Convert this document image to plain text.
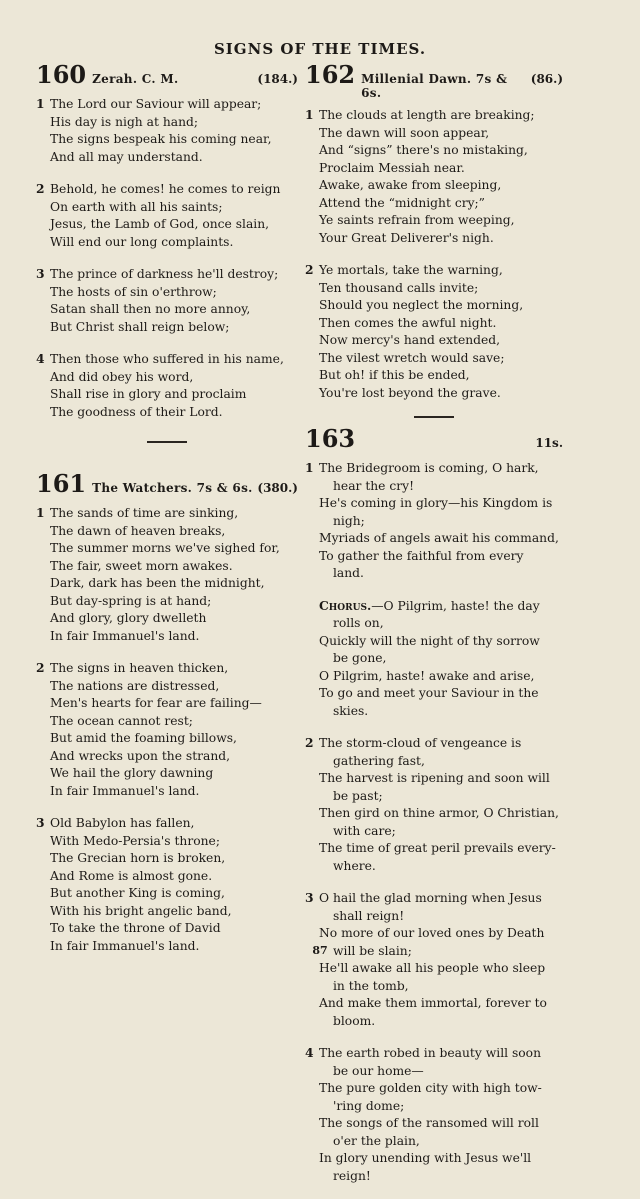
SIGNS OF THE TIMES.
160 Zerah. C. M.	(184.)
1 The Lord our Saviour will appear;
His day is nigh at hand;
The signs bespeak his coming near,
And all may understand.
2 Behold, he comes! he comes to reign
On earth with all his saints;
Jesus, the Lamb of God, once slain,
Will end our long complaints.
3 The prince of darkness he'll destroy;
The hosts of sin o'erthrow;
Satan shall then no more annoy,
But Christ shall reign below;
4 Then those who suffered in his name,
And did obey his word,
Shall rise in glory and proclaim
The goodness of their Lord.
161 The Watchers. 7s & 6s. (380.)
1 The sands of time are sinking,
The dawn of heaven breaks,
The summer morns we've sighed for,
The fair, sweet morn awakes.
Dark, dark has been the midnight,
But day-spring is at hand;
And glory, glory dwelleth
In fair Immanuel's land.
2 The signs in heaven thicken,
The nations are distressed,
Men's hearts for fear are failing—
The ocean cannot rest;
But amid the foaming billows,
And wrecks upon the strand,
We hail the glory dawning
In fair Immanuel's land.
3 Old Babylon has fallen,
With Medo-Persia's throne;
The Grecian horn is broken,
And Rome is almost gone.
But another King is coming,
With his bright angelic band,
To take the throne of David
In fair Immanuel's land.
162 Millenial Dawn. 7s & 6s.
(86.)
1 The clouds at length are breaking;
The dawn will soon appear,
And “signs” there's no mistaking,
Proclaim Messiah near.
Awake, awake from sleeping,
Attend the “midnight cry;”
Ye saints refrain from weeping,
Your Great Deliverer's nigh.
2 Ye mortals, take the warning,
Ten thousand calls invite;
Should you neglect the morning,
Then comes the awful night.
Now mercy's hand extended,
The vilest wretch would save;
But oh! if this be ended,
You're lost beyond the grave.
163	11s.
1 The Bridegroom is coming, O hark,
hear the cry!
He's coming in glory—his Kingdom is
nigh;
Myriads of angels await his command,
To gather the faithful from every
land.
Chorus.—O Pilgrim, haste! the day
rolls on,
Quickly will the night of thy sorrow
be gone,
O Pilgrim, haste! awake and arise,
To go and meet your Saviour in the
skies.
2 The storm-cloud of vengeance is
gathering fast,
The harvest is ripening and soon will
be past;
Then gird on thine armor, O Christian,
with care;
The time of great peril prevails every-
where.
3 O hail the glad morning when Jesus
shall reign!
No more of our loved ones by Death
will be slain;
He'll awake all his people who sleep
in the tomb,
And make them immortal, forever to
bloom.
4 The earth robed in beauty will soon
be our home—
The pure golden city with high tow-
'ring dome;
The songs of the ransomed will roll
o'er the plain,
In glory unending with Jesus we'll
reign!
87
